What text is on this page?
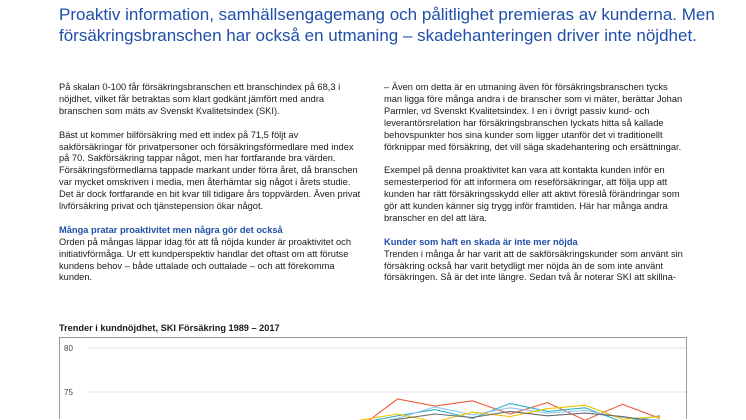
Proaktiv information, samhällsengagemang och pålitlighet premieras av kunderna. Men försäkringsbranschen har också en utmaning – skadehanteringen driver inte nöjdhet.

På skalan 0-100 får försäkringsbranschen ett branschindex på 68,3 i nöjdhet, vilket får betraktas som klart godkänt jämfört med andra branschen som mäts av Svenskt Kvalitetsindex (SKI).

Bäst ut kommer bilförsäkring med ett index på 71,5 följt av sakförsäkringar för privatpersoner och försäkringsförmedlare med index på 70. Sakförsäkring tappar något, men har fortfarande bra värden. Försäkringsförmedlarna tappade markant under förra året, då branschen var mycket omskriven i media, men återhämtar sig något i årets studie. Det är dock fortfarande en bit kvar till tidigare års toppvärden. Även privat livförsäkring privat och tjänstepension ökar något.

Många pratar proaktivitet men några gör det också

Orden på mångas läppar idag för att få nöjda kunder är proaktivitet och initiativförmåga. Ur ett kundperspektiv handlar det oftast om att förutse kundens behov – både uttalade och outtalade – och att förekomma kunden.

– Även om detta är en utmaning även för försäkringsbranschen tycks man ligga före många andra i de branscher som vi mäter, berättar Johan Parmler, vd Svenskt Kvalitetsindex. I en i övrigt passiv kund- och leverantörsrelation har försäkringsbranschen lyckats hitta så kallade behovspunkter hos sina kunder som ligger utanför det vi traditionellt förknippar med försäkring, det vill säga skadehantering och ersättningar.

Exempel på denna proaktivitet kan vara att kontakta kunden inför en semesterperiod för att informera om reseförsäkringar, att följa upp att kunden har rätt försäkringsskydd eller att aktivt föreslå förändringar som gör att kunden känner sig trygg inför framtiden. Här har många andra branscher en del att lära.

Kunder som haft en skada är inte mer nöjda

Trenden i många år har varit att de sakförsäkringskunder som använt sin försäkring också har varit betydligt mer nöjda än de som inte använt försäkringen. Så är det inte längre. Sedan två år noterar SKI att skillna-

Trender i kundnöjdhet, SKI Försäkring 1989 – 2017

80
75
